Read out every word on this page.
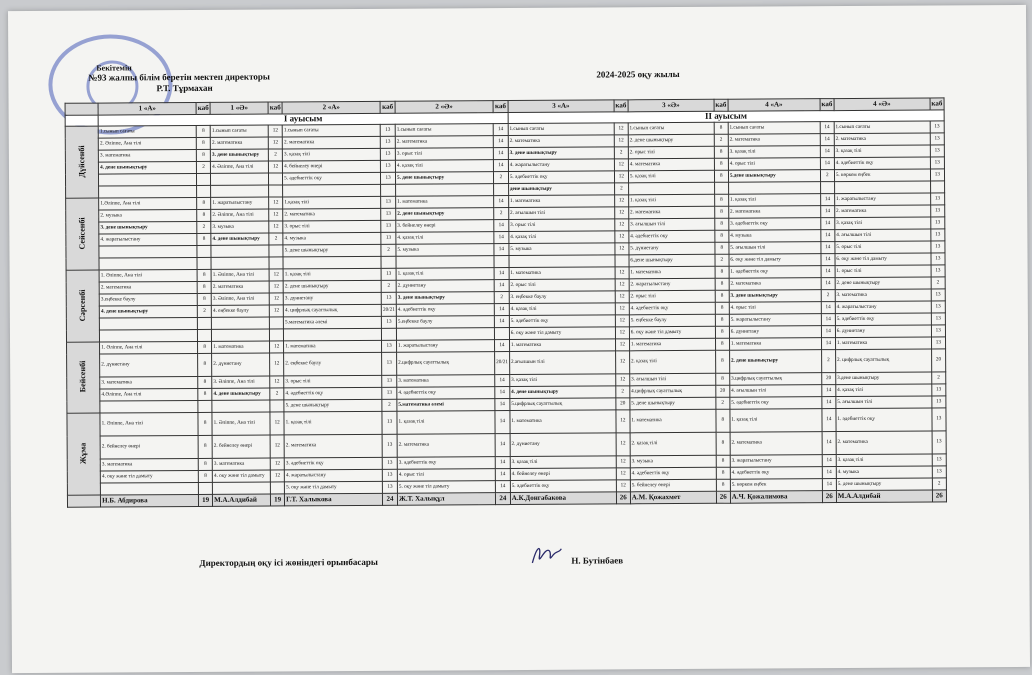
Бекітемін
№93 жалпы білім беретін мектеп директоры
Р.Т. Тұрмахан
2024-2025 оқу жылы
	1 «А»	каб	1 «Ә»	каб	2 «А»	каб	2 «Ә»	каб	3 «А»	каб	3 «Ә»	каб	4 «А»	каб	4 «Ә»	каб
	I ауысым								II ауысым							
Дүйсенбі	1.сынып сағаты	8	1.сынып сағаты	12	1.сынып сағаты	13	1.сынып сағаты	14	1.сынып сағаты	12	1.сынып сағаты	8	1.сынып сағаты	14	1.сынып сағаты	13
	2. Әліппе, Ана тілі	8	2. математика	12	2. математика	13	2. математика	14	2. математика	12	2. дене шынықтыру	2	2. математика	14	2. математика	13
	3. математика	8	3. дене шынықтыру	2	3. қазақ тілі	13	3. орыс тілі	14	3. дене шынықтыру	2	2. орыс тілі	8	3. қазақ тілі	14	3. қазақ тілі	13
	4. дене шынықтыру	2	4. Әліппе, Ана тілі	12	4. бейнелеу өнері	13	4. қазақ тілі	14	4. жаратылыстану	12	4. математика	8	4. орыс тілі	14	4. әдебиеттік оқу	13
					5. әдебиеттік оқу	13	5. дене шынықтыру	2	5. әдебиеттік оқу	12	5. қазақ тілі	8	5.дене шынықтыру	2	5. көркем еңбек	13
									дене шынықтыру	2						
Сейсенбі	1.Әліппе, Ана тілі	8	1. жаратылыстану	12	1.қазақ тілі	13	1. математика	14	1. математика	12	1. қазақ тілі	8	1. қазақ тілі	14	1. жаратылыстану	13
	2. музыка	8	2. Әліппе, Ана тілі	12	2. математика	13	2. дене шынықтыру	2	2. ағылшын тілі	12	2. математика	8	2. математика	14	2. математика	13
	3. дене шынықтыру	2	3. музыка	12	3. орыс тілі	13	3. бейнелеу өнері	14	3. орыс тілі	12	3. ағылшын тілі	8	3. әдебиеттік оқу	14	3. қазақ тілі	13
	4. жаратылыстану	8	4. дене шынықтыру	2	4. музыка	13	4. қазақ тілі	14	4. қазақ тілі	12	4. әдебиеттік оқу	8	4. музыка	14	4. ағылшын тілі	13
					5. дене шынықтыру	2	5. музыка	14	5. музыка	12	5. дүниетану	8	5. ағылшын тілі	14	5. орыс тілі	13
											6.дене шынықтыру	2	6. оқу және тіл дамыту	14	6. оқу және тіл дамыту	13
Сәрсенбі	1. Әліппе, Ана тілі	8	1. Әліппе, Ана тілі	12	1. қазақ тілі	13	1. қазақ тілі	14	1. математика	12	1. математика	8	1. әдебиеттік оқу	14	1. орыс тілі	13
	2. математика	8	2. математика	12	2. дене шынықтыру	2	2. дүниетану	14	2. орыс тілі	12	2. жаратылыстану	8	2. математика	14	2. дене шынықтыру	2
	3.еңбекке баулу	8	3. Әліппе, Ана тілі	12	3. дүниетану	13	3. дене шынықтыру	2	3. еңбекке баулу	12	2. орыс тілі	8	3. дене шынықтыру	2	3. математика	13
	4. дене шынықтыру	2	4. еңбекке баулу	12	4. цифрлық сауаттылық	20/21	4. әдебиеттік оқу	14	4. қазақ тілі	12	4. әдебиеттік оқу	8	4. орыс тілі	14	4. жаратылыстану	13
					5.математика әлемі	13	5.еңбекке баулу	14	5. әдебиеттік оқу	12	5. еңбекке баулу	8	5. жаратылыстану	14	5. әдебиеттік оқу	13
									6. оқу және тіл дамыту	12	6. оқу және тіл дамыту	8	6. дүниетану	14	6. дүниетану	13
Бейсенбі	1. Әліппе, Ана тілі	8	1. математика	12	1. математика	13	1. жаратылыстану	14	1. математика	12	1. математика	8	1. математика	14	1. математика	13
	2. дүниетану	8	2. дүниетану	12	2. еңбекке баулу	13	2.цифрлық сауаттылық	20/21	2.ағылшын тілі	12	2. қазақ тілі	8	2. дене шынықтыру	2	2. цифрлық сауаттылық	20
	3. математика	8	3. Әліппе, Ана тілі	12	3. орыс тілі	13	3. математика	14	3. қазақ тілі	12	3. ағылшын тілі	8	3.цифрлық сауаттылық	20	3.дене шынықтыру	2
	4.Әліппе, Ана тілі	8	4. дене шынықтыру	2	4. әдебиеттік оқу	13	4. әдебиеттік оқу	14	4. дене шынықтыру	2	4.цифрлық сауаттылық	20	4. ағылшын тілі	14	4. қазақ тілі	13
					5. дене шынықтыру	2	5.математика әлемі	14	5.цифрлық сауаттылық	20	5. дене шынықтыру	2	5. әдебиеттік оқу	14	5. ағылшын тілі	13
Жұма	1. Әліппе, Ана тілі	8	1. Әліппе, Ана тілі	12	1. қазақ тілі	13	1. қазақ тілі	14	1. математика	12	1. математика	8	1. қазақ тілі	14	1. әдебиеттік оқу	13
	2. бейнелеу өнері	8	2. бейнелеу өнері	12	2. математика	13	2. математика	14	2. дүниетану	12	2. қазақ тілі	8	2. математика	14	2. математика	13
	3. математика	8	3. математика	12	3. әдебиеттік оқу	13	3. әдебиеттік оқу	14	3. қазақ тілі	12	3. музыка	8	3. жаратылыстану	14	3. қазақ тілі	13
	4. оқу және тіл дамыту	8	4. оқу және тіл дамыту	12	4. жаратылыстану	13	4. орыс тілі	14	4. бейнелеу өнері	12	4. әдебиеттік оқу	8	4. әдебиеттік оқу	14	4. музыка	13
					5. оқу және тіл дамыту	13	5. оқу және тіл дамыту	14	5. әдебиеттік оқу	12	5. бейнелеу өнері	8	5. көркем еңбек	14	5. дене шынықтыру	2
	Н.Б. Абдирова	19	М.А.Алдибай	19	Г.Т. Халыкова	24	Ж.Т. Халықұл	24	А.К.Донгабакова	26	А.М. Қожахмет	26	А.Ч. Қожалимова	26	М.А.Алдибай	26
Директордың оқу ісі жөніндегі орынбасары	Н. Бутінбаев
